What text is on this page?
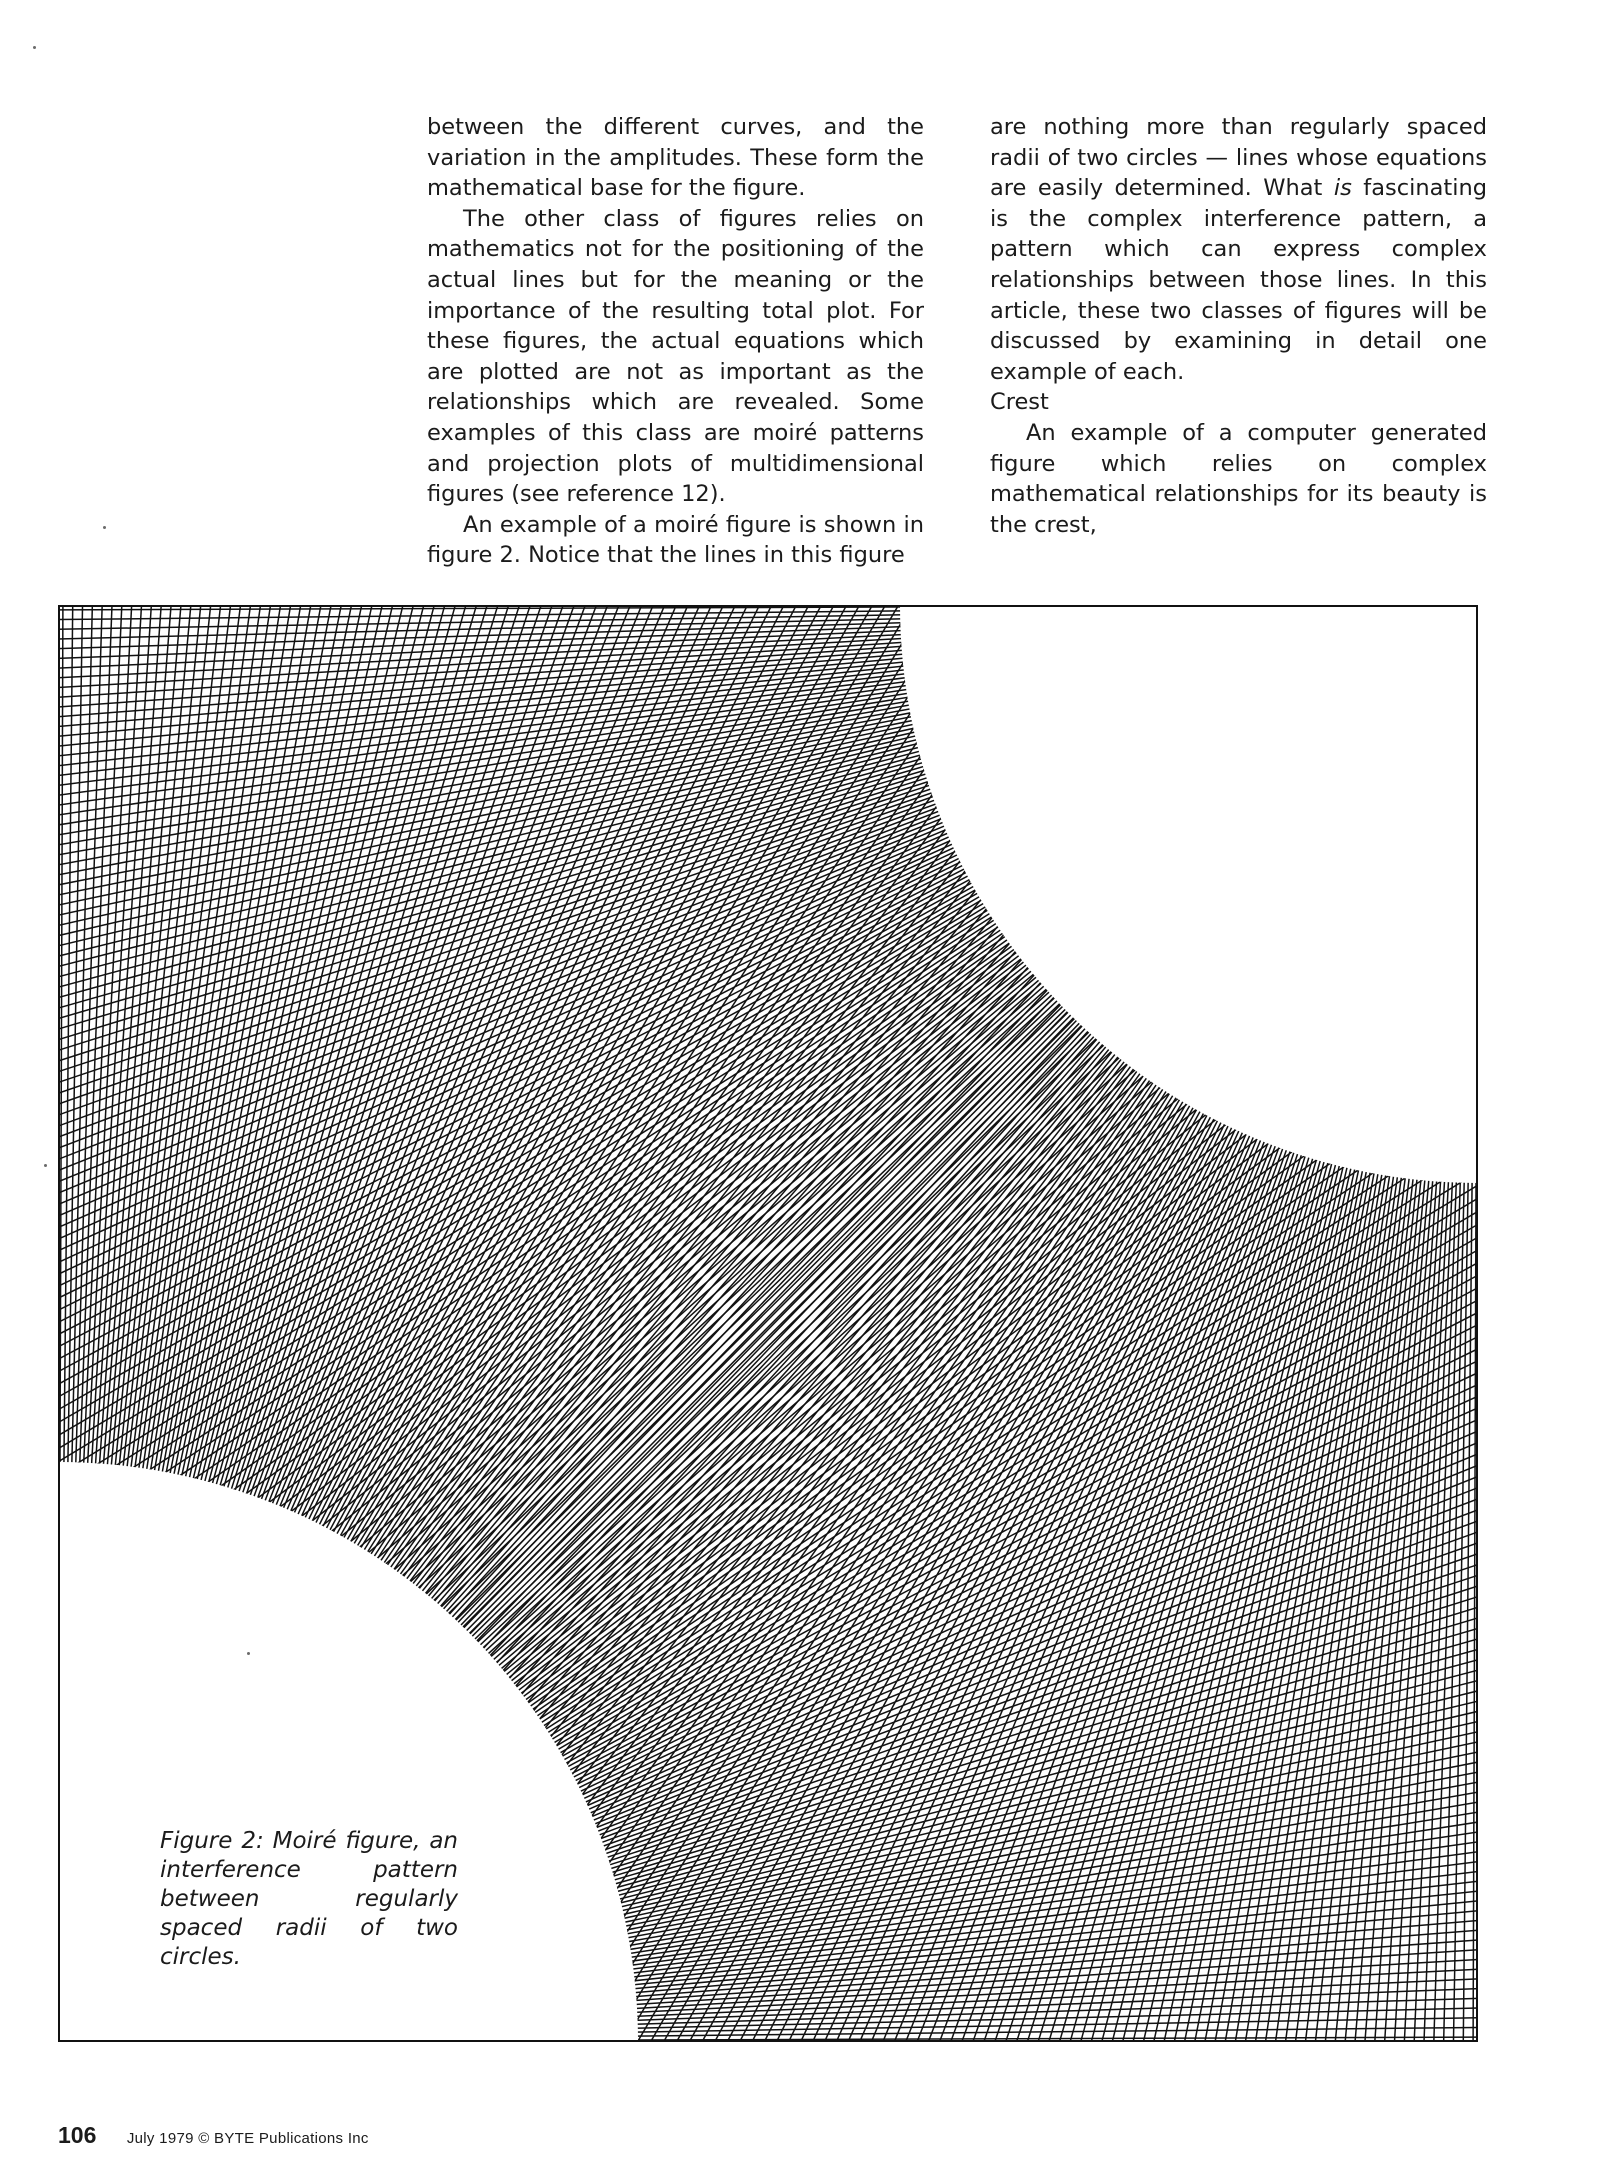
between the different curves, and the variation in the amplitudes. These form the mathematical base for the figure.

The other class of figures relies on mathematics not for the positioning of the actual lines but for the meaning or the importance of the resulting total plot. For these figures, the actual equations which are plotted are not as important as the relationships which are revealed. Some examples of this class are moiré patterns and projection plots of multidimensional figures (see reference 12).

An example of a moiré figure is shown in figure 2. Notice that the lines in this figure

are nothing more than regularly spaced radii of two circles — lines whose equations are easily determined. What is fascinating is the complex interference pattern, a pattern which can express complex relationships between those lines. In this article, these two classes of figures will be discussed by examining in detail one example of each.

Crest

An example of a computer generated figure which relies on complex mathematical relationships for its beauty is the crest,

Figure 2: Moiré figure, an interference pattern between regularly spaced radii of two circles.
106 July 1979 © BYTE Publications Inc
